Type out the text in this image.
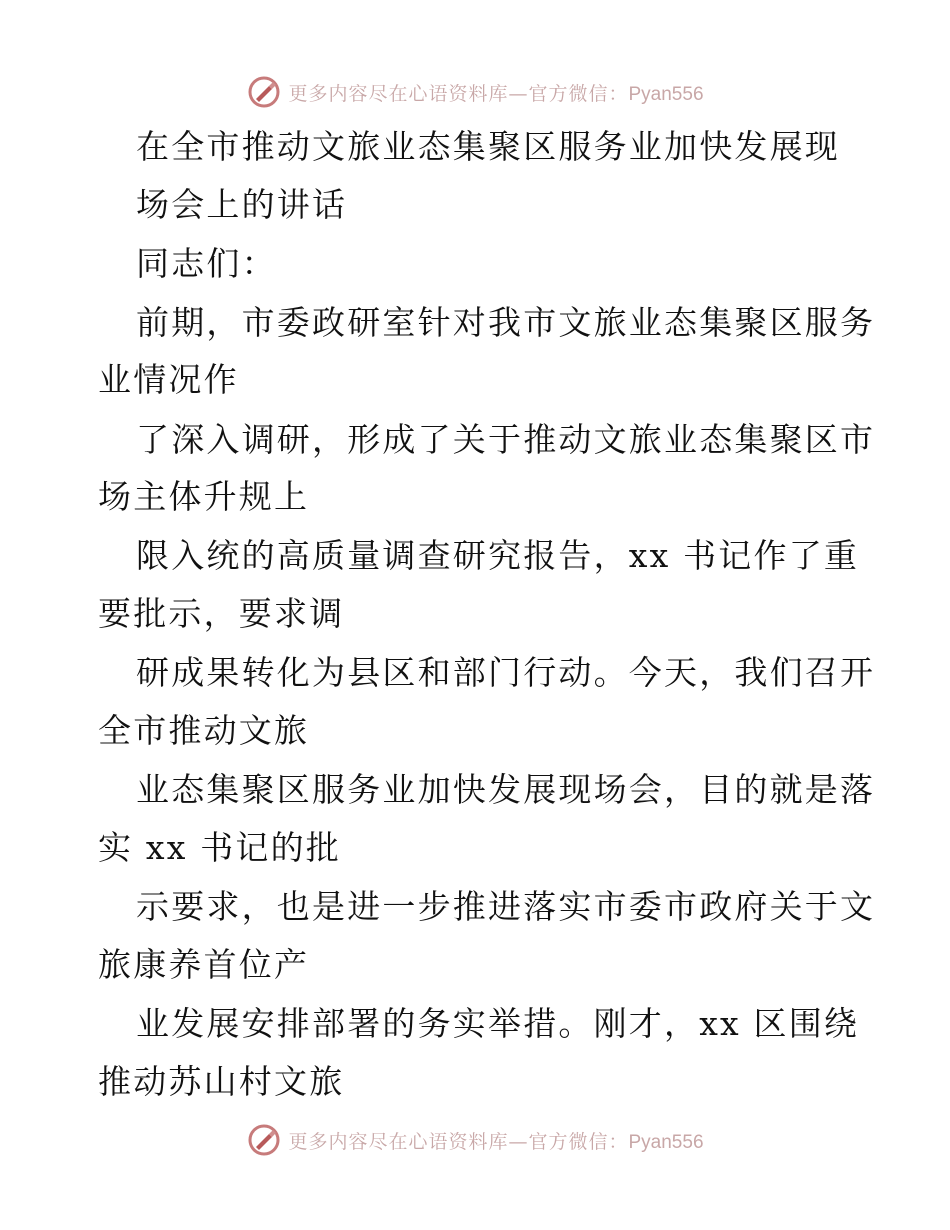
更多内容尽在心语资料库—官方微信：Pyan556
在全市推动文旅业态集聚区服务业加快发展现
场会上的讲话
同志们：
前期，市委政研室针对我市文旅业态集聚区服务
业情况作
了深入调研，形成了关于推动文旅业态集聚区市
场主体升规上
限入统的高质量调查研究报告，xx 书记作了重
要批示，要求调
研成果转化为县区和部门行动。今天，我们召开
全市推动文旅
业态集聚区服务业加快发展现场会，目的就是落
实 xx 书记的批
示要求，也是进一步推进落实市委市政府关于文
旅康养首位产
业发展安排部署的务实举措。刚才，xx 区围绕
推动苏山村文旅
更多内容尽在心语资料库—官方微信：Pyan556
